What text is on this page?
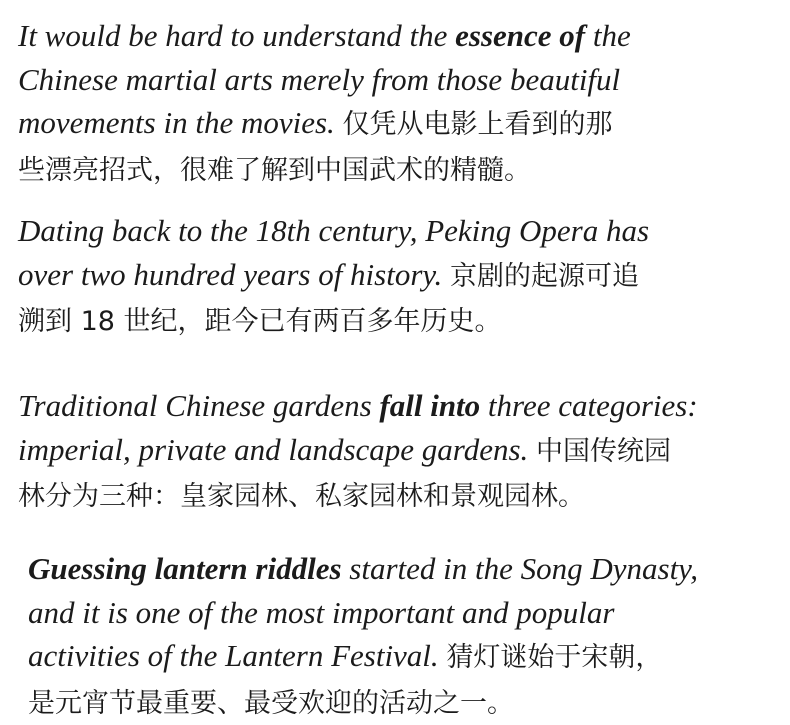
It would be hard to understand the essence of the
Chinese martial arts merely from those beautiful
movements in the movies. 仅凭从电影上看到的那
些漂亮招式，很难了解到中国武术的精髓。

Dating back to the 18th century, Peking Opera has
over two hundred years of history. 京剧的起源可追
溯到 18 世纪，距今已有两百多年历史。

Traditional Chinese gardens fall into three categories:
imperial, private and landscape gardens. 中国传统园
林分为三种：皇家园林、私家园林和景观园林。

Guessing lantern riddles started in the Song Dynasty,
and it is one of the most important and popular
activities of the Lantern Festival. 猜灯谜始于宋朝，
是元宵节最重要、最受欢迎的活动之一。
